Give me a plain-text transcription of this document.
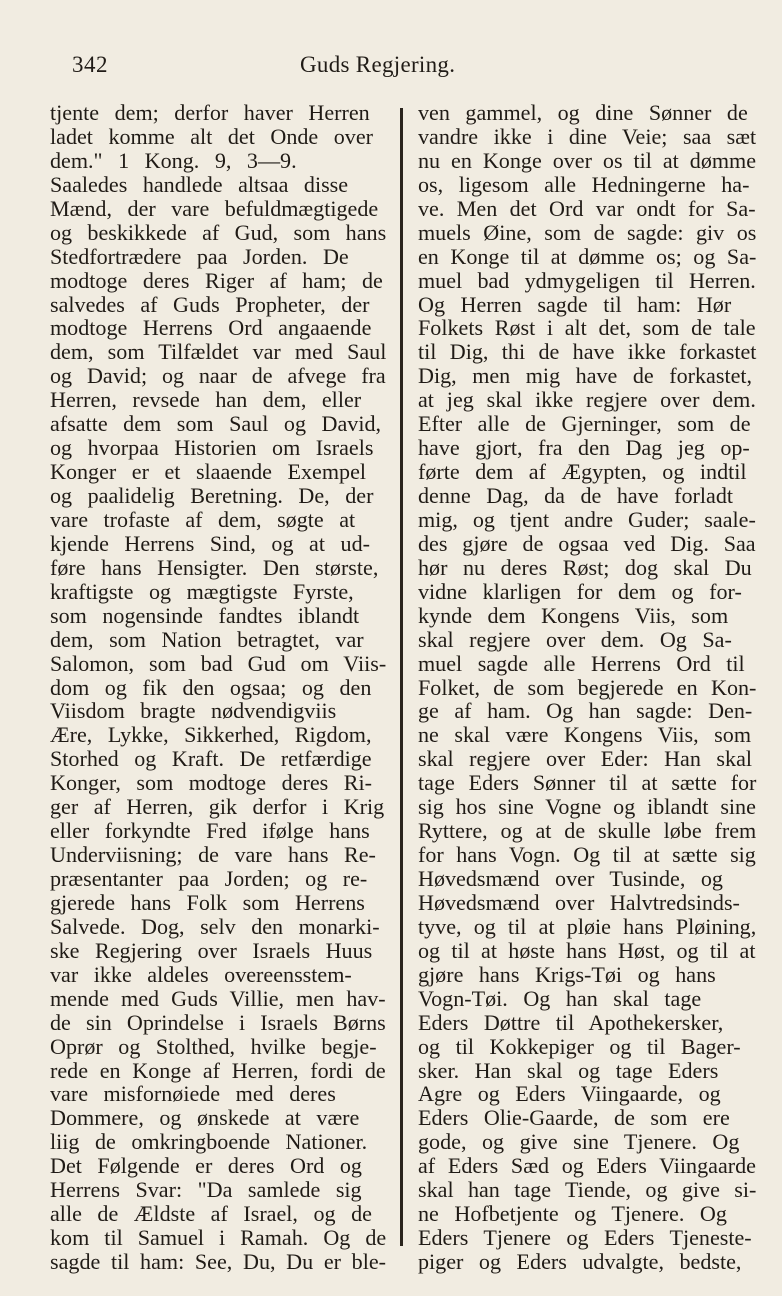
342	Guds Regjering.
tjente dem; derfor haver Herren
ladet komme alt det Onde over
dem." 1 Kong. 9, 3—9.
Saaledes handlede altsaa disse
Mænd, der vare befuldmægtigede
og beskikkede af Gud, som hans
Stedfortrædere paa Jorden. De
modtoge deres Riger af ham; de
salvedes af Guds Propheter, der
modtoge Herrens Ord angaaende
dem, som Tilfældet var med Saul
og David; og naar de afvege fra
Herren, revsede han dem, eller
afsatte dem som Saul og David,
og hvorpaa Historien om Israels
Konger er et slaaende Exempel
og paalidelig Beretning. De, der
vare trofaste af dem, søgte at
kjende Herrens Sind, og at ud-
føre hans Hensigter. Den største,
kraftigste og mægtigste Fyrste,
som nogensinde fandtes iblandt
dem, som Nation betragtet, var
Salomon, som bad Gud om Viis-
dom og fik den ogsaa; og den
Viisdom bragte nødvendigviis
Ære, Lykke, Sikkerhed, Rigdom,
Storhed og Kraft. De retfærdige
Konger, som modtoge deres Ri-
ger af Herren, gik derfor i Krig
eller forkyndte Fred ifølge hans
Underviisning; de vare hans Re-
præsentanter paa Jorden; og re-
gjerede hans Folk som Herrens
Salvede. Dog, selv den monarki-
ske Regjering over Israels Huus
var ikke aldeles overeensstem-
mende med Guds Villie, men hav-
de sin Oprindelse i Israels Børns
Oprør og Stolthed, hvilke begje-
rede en Konge af Herren, fordi de
vare misfornøiede med deres
Dommere, og ønskede at være
liig de omkringboende Nationer.
Det Følgende er deres Ord og
Herrens Svar: "Da samlede sig
alle de Ældste af Israel, og de
kom til Samuel i Ramah. Og de
sagde til ham: See, Du, Du er ble-
ven gammel, og dine Sønner de
vandre ikke i dine Veie; saa sæt
nu en Konge over os til at dømme
os, ligesom alle Hedningerne ha-
ve. Men det Ord var ondt for Sa-
muels Øine, som de sagde: giv os
en Konge til at dømme os; og Sa-
muel bad ydmygeligen til Herren.
Og Herren sagde til ham: Hør
Folkets Røst i alt det, som de tale
til Dig, thi de have ikke forkastet
Dig, men mig have de forkastet,
at jeg skal ikke regjere over dem.
Efter alle de Gjerninger, som de
have gjort, fra den Dag jeg op-
førte dem af Ægypten, og indtil
denne Dag, da de have forladt
mig, og tjent andre Guder; saale-
des gjøre de ogsaa ved Dig. Saa
hør nu deres Røst; dog skal Du
vidne klarligen for dem og for-
kynde dem Kongens Viis, som
skal regjere over dem. Og Sa-
muel sagde alle Herrens Ord til
Folket, de som begjerede en Kon-
ge af ham. Og han sagde: Den-
ne skal være Kongens Viis, som
skal regjere over Eder: Han skal
tage Eders Sønner til at sætte for
sig hos sine Vogne og iblandt sine
Ryttere, og at de skulle løbe frem
for hans Vogn. Og til at sætte sig
Høvedsmænd over Tusinde, og
Høvedsmænd over Halvtredsinds-
tyve, og til at pløie hans Pløining,
og til at høste hans Høst, og til at
gjøre hans Krigs-Tøi og hans
Vogn-Tøi. Og han skal tage
Eders Døttre til Apothekersker,
og til Kokkepiger og til Bager-
sker. Han skal og tage Eders
Agre og Eders Viingaarde, og
Eders Olie-Gaarde, de som ere
gode, og give sine Tjenere. Og
af Eders Sæd og Eders Viingaarde
skal han tage Tiende, og give si-
ne Hofbetjente og Tjenere. Og
Eders Tjenere og Eders Tjeneste-
piger og Eders udvalgte, bedste,
